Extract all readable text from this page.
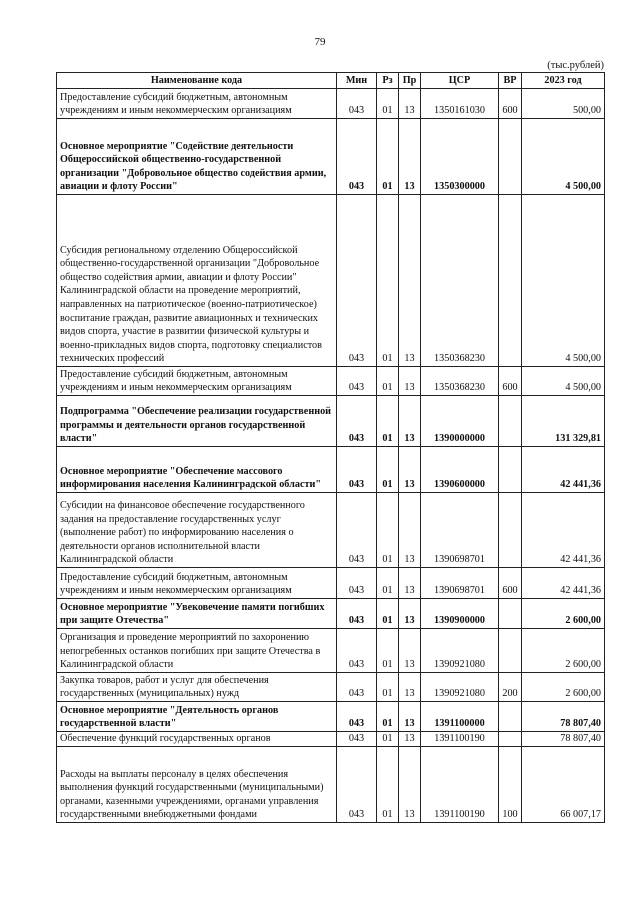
79
(тыс.рублей)
Наименование кода	Мин	Рз	Пр	ЦСР	ВР	2023 год
Предоставление субсидий бюджетным, автономным учреждениям и иным некоммерческим организациям	043	01	13	1350161030	600	500,00
Основное мероприятие "Содействие деятельности Общероссийской общественно-государственной организации "Добровольное общество содействия армии, авиации и флоту России"	043	01	13	1350300000		4 500,00
Субсидия региональному отделению Общероссийской общественно-государственной организации "Добровольное общество содействия армии, авиации и флоту России" Калининградской области на проведение мероприятий, направленных на патриотическое (военно-патриотическое) воспитание граждан, развитие авиационных и технических видов спорта, участие в развитии физической культуры и военно-прикладных видов спорта, подготовку специалистов технических профессий	043	01	13	1350368230		4 500,00
Предоставление субсидий бюджетным, автономным учреждениям и иным некоммерческим организациям	043	01	13	1350368230	600	4 500,00
Подпрограмма "Обеспечение реализации государственной программы и деятельности органов государственной власти"	043	01	13	1390000000		131 329,81
Основное мероприятие "Обеспечение массового информирования населения Калининградской области"	043	01	13	1390600000		42 441,36
Субсидии на финансовое обеспечение государственного задания на предоставление государственных услуг (выполнение работ) по информированию населения о деятельности органов исполнительной власти Калининградской области	043	01	13	1390698701		42 441,36
Предоставление субсидий бюджетным, автономным учреждениям и иным некоммерческим организациям	043	01	13	1390698701	600	42 441,36
Основное мероприятие "Увековечение памяти погибших при защите Отечества"	043	01	13	1390900000		2 600,00
Организация и проведение мероприятий по захоронению непогребенных останков погибших при защите Отечества в Калининградской области	043	01	13	1390921080		2 600,00
Закупка товаров, работ и услуг для обеспечения государственных (муниципальных) нужд	043	01	13	1390921080	200	2 600,00
Основное мероприятие "Деятельность органов государственной власти"	043	01	13	1391100000		78 807,40
Обеспечение функций государственных органов	043	01	13	1391100190		78 807,40
Расходы на выплаты персоналу в целях обеспечения выполнения функций государственными (муниципальными) органами, казенными учреждениями, органами управления государственными внебюджетными фондами	043	01	13	1391100190	100	66 007,17
